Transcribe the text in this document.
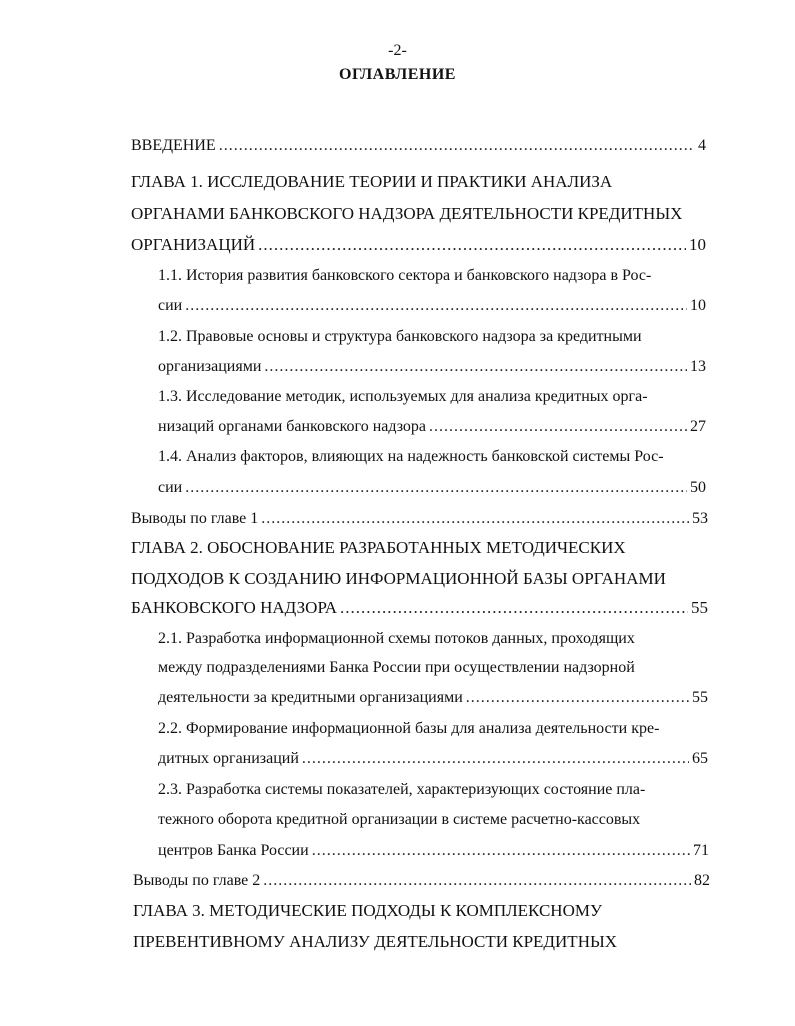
-2-
ОГЛАВЛЕНИЕ
ВВЕДЕНИЕ .....	4
ГЛАВА 1. ИССЛЕДОВАНИЕ ТЕОРИИ И ПРАКТИКИ АНАЛИЗА
ОРГАНАМИ БАНКОВСКОГО НАДЗОРА ДЕЯТЕЛЬНОСТИ КРЕДИТНЫХ
ОРГАНИЗАЦИЙ .....	10
1.1. История развития банковского сектора и банковского надзора в Рос-
сии .....	10
1.2. Правовые основы и структура банковского надзора за кредитными
организациями .....	13
1.3. Исследование методик, используемых для анализа кредитных орга-
низаций органами банковского надзора .....	27
1.4. Анализ факторов, влияющих на надежность банковской системы Рос-
сии .....	50
Выводы по главе 1 .....	53
ГЛАВА 2. ОБОСНОВАНИЕ РАЗРАБОТАННЫХ МЕТОДИЧЕСКИХ
ПОДХОДОВ К СОЗДАНИЮ ИНФОРМАЦИОННОЙ БАЗЫ ОРГАНАМИ
БАНКОВСКОГО НАДЗОРА .....	55
2.1. Разработка информационной схемы потоков данных, проходящих
между подразделениями Банка России при осуществлении надзорной
деятельности за кредитными организациями .....	55
2.2. Формирование информационной базы для анализа деятельности кре-
дитных организаций .....	65
2.3. Разработка системы показателей, характеризующих состояние пла-
тежного оборота кредитной организации в системе расчетно-кассовых
центров Банка России .....	71
Выводы по главе 2 .....	82
ГЛАВА 3. МЕТОДИЧЕСКИЕ ПОДХОДЫ К КОМПЛЕКСНОМУ
ПРЕВЕНТИВНОМУ АНАЛИЗУ ДЕЯТЕЛЬНОСТИ КРЕДИТНЫХ
